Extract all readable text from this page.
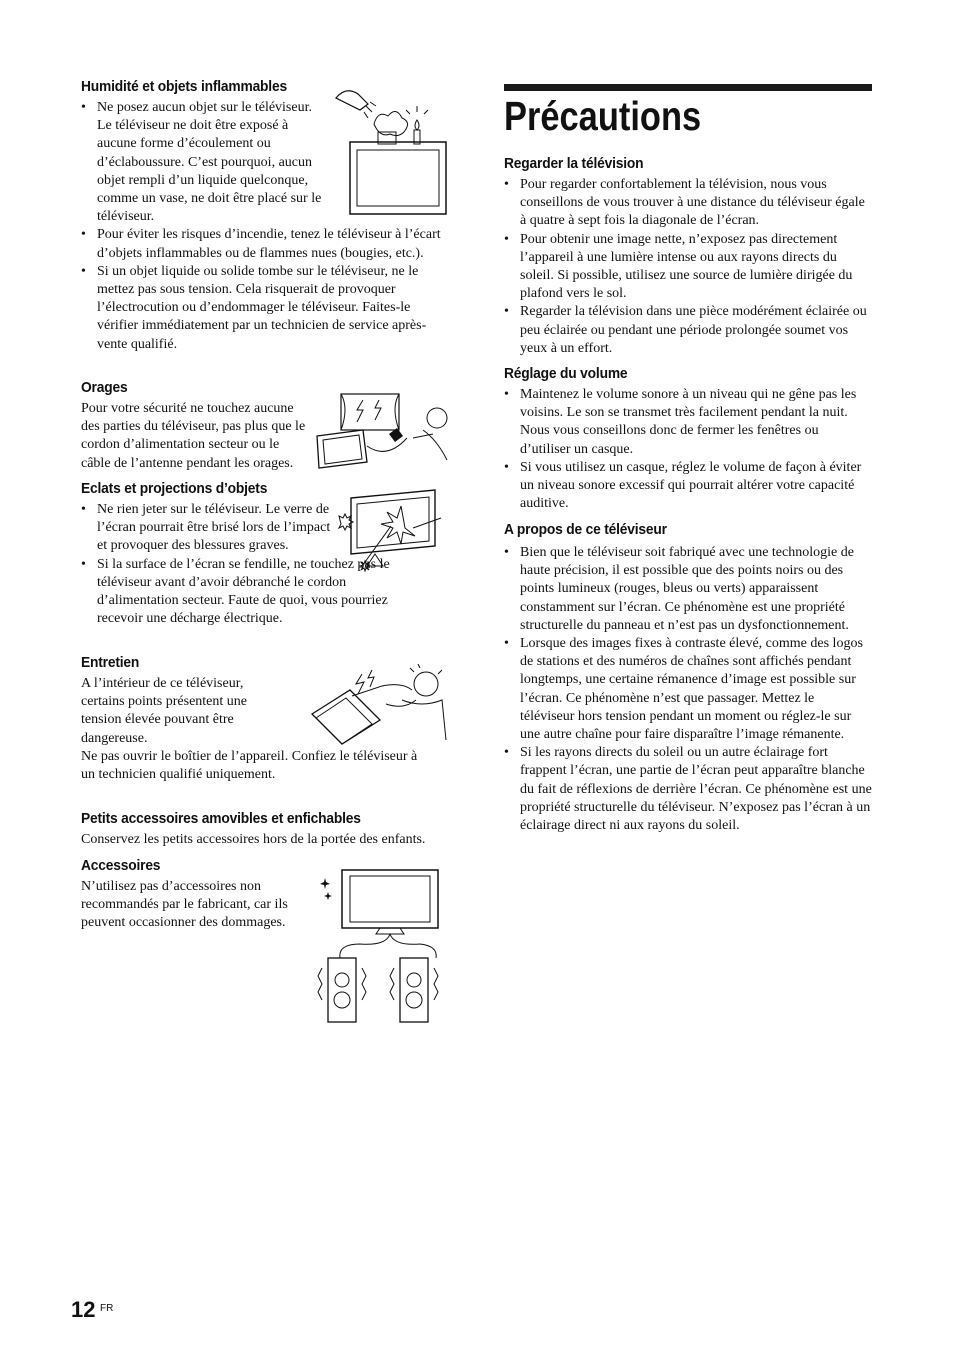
Humidité et objets inflammables
• Ne posez aucun objet sur le téléviseur. Le téléviseur ne doit être exposé à aucune forme d’écoulement ou d’éclaboussure. C’est pourquoi, aucun objet rempli d’un liquide quelconque, comme un vase, ne doit être placé sur le téléviseur.
• Pour éviter les risques d’incendie, tenez le téléviseur à l’écart d’objets inflammables ou de flammes nues (bougies, etc.).
• Si un objet liquide ou solide tombe sur le téléviseur, ne le mettez pas sous tension. Cela risquerait de provoquer l’électrocution ou d’endommager le téléviseur. Faites-le vérifier immédiatement par un technicien de service après-vente qualifié.
Orages
Pour votre sécurité ne touchez aucune des parties du téléviseur, pas plus que le cordon d’alimentation secteur ou le câble de l’antenne pendant les orages.
Eclats et projections d’objets
• Ne rien jeter sur le téléviseur. Le verre de l’écran pourrait être brisé lors de l’impact et provoquer des blessures graves.
• Si la surface de l’écran se fendille, ne touchez pas le téléviseur avant d’avoir débranché le cordon d’alimentation secteur. Faute de quoi, vous pourriez recevoir une décharge électrique.
Entretien
A l’intérieur de ce téléviseur, certains points présentent une tension élevée pouvant être dangereuse.
Ne pas ouvrir le boîtier de l’appareil. Confiez le téléviseur à un technicien qualifié uniquement.
Petits accessoires amovibles et enfichables
Conservez les petits accessoires hors de la portée des enfants.
Accessoires
N’utilisez pas d’accessoires non recommandés par le fabricant, car ils peuvent occasionner des dommages.
Précautions
Regarder la télévision
• Pour regarder confortablement la télévision, nous vous conseillons de vous trouver à une distance du téléviseur égale à quatre à sept fois la diagonale de l’écran.
• Pour obtenir une image nette, n’exposez pas directement l’appareil à une lumière intense ou aux rayons directs du soleil. Si possible, utilisez une source de lumière dirigée du plafond vers le sol.
• Regarder la télévision dans une pièce modérément éclairée ou peu éclairée ou pendant une période prolongée soumet vos yeux à un effort.
Réglage du volume
• Maintenez le volume sonore à un niveau qui ne gêne pas les voisins. Le son se transmet très facilement pendant la nuit. Nous vous conseillons donc de fermer les fenêtres ou d’utiliser un casque.
• Si vous utilisez un casque, réglez le volume de façon à éviter un niveau sonore excessif qui pourrait altérer votre capacité auditive.
A propos de ce téléviseur
• Bien que le téléviseur soit fabriqué avec une technologie de haute précision, il est possible que des points noirs ou des points lumineux (rouges, bleus ou verts) apparaissent constamment sur l’écran. Ce phénomène est une propriété structurelle du panneau et n’est pas un dysfonctionnement.
• Lorsque des images fixes à contraste élevé, comme des logos de stations et des numéros de chaînes sont affichés pendant longtemps, une certaine rémanence d’image est possible sur l’écran. Ce phénomène n’est que passager. Mettez le téléviseur hors tension pendant un moment ou réglez-le sur une autre chaîne pour faire disparaître l’image rémanente.
• Si les rayons directs du soleil ou un autre éclairage fort frappent l’écran, une partie de l’écran peut apparaître blanche du fait de réflexions de derrière l’écran. Ce phénomène est une propriété structurelle du téléviseur. N’exposez pas l’écran à un éclairage direct ni aux rayons du soleil.
12 FR
